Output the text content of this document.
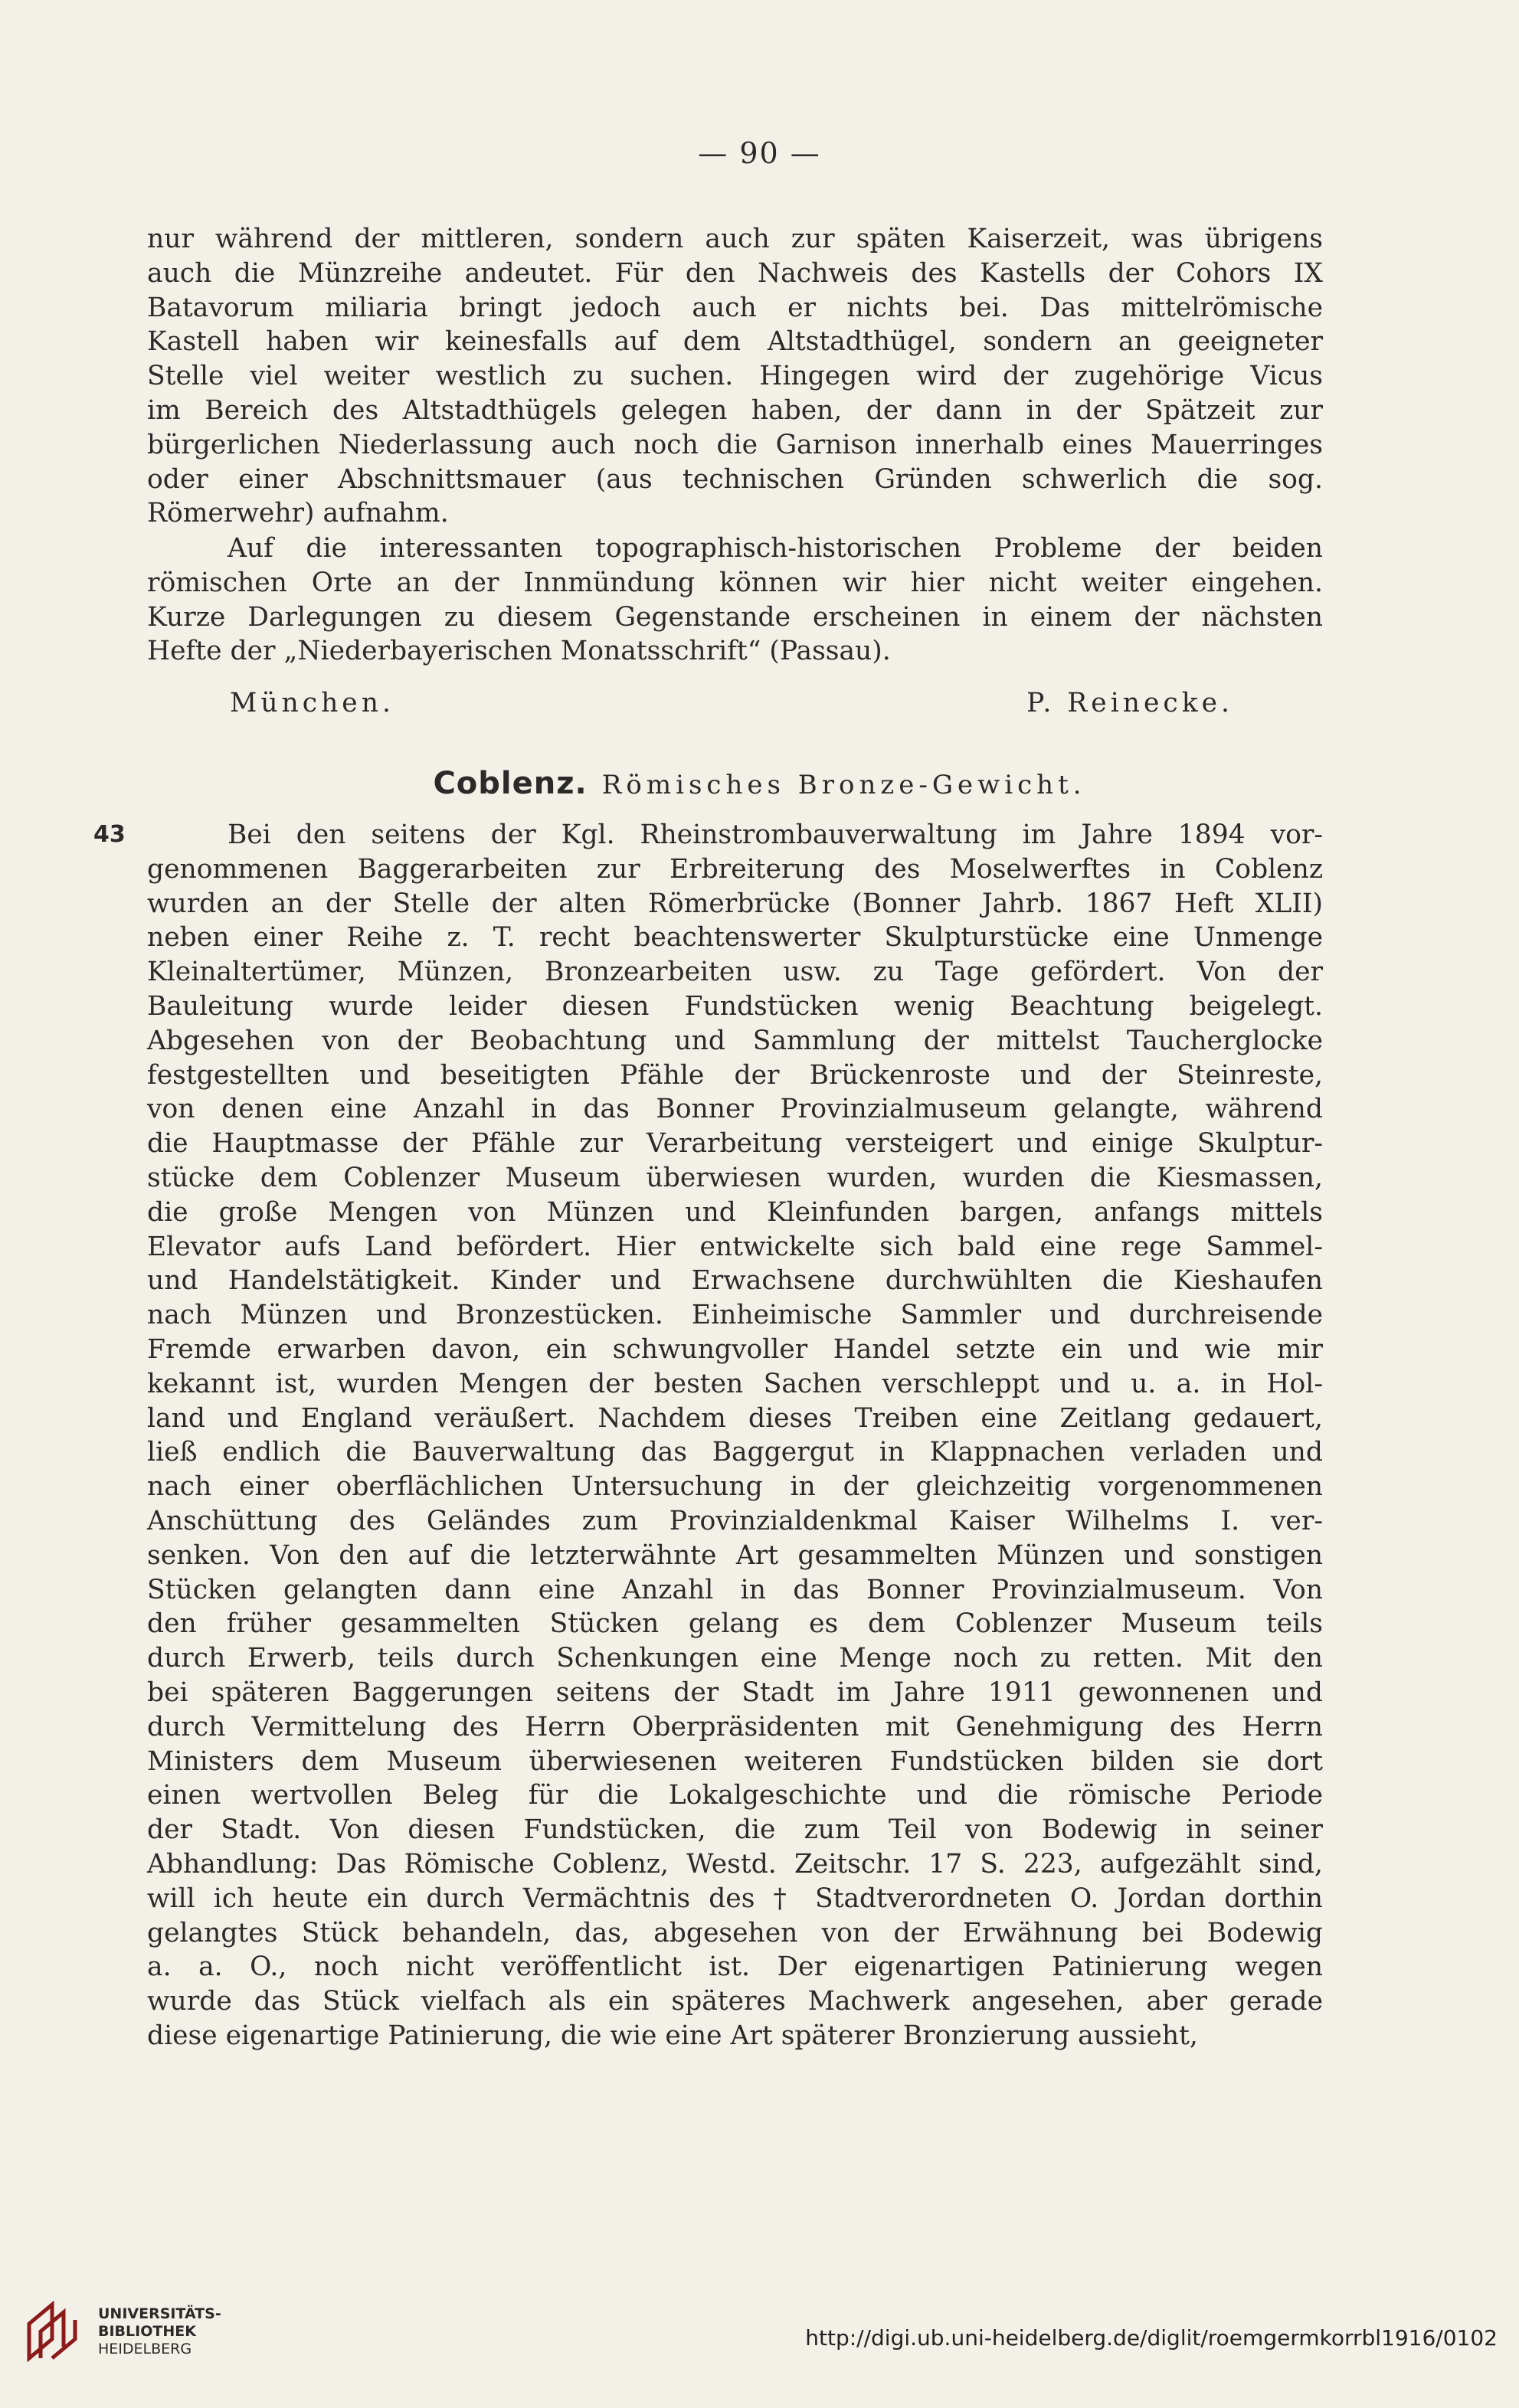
— 90 —
nur während der mittleren, sondern auch zur späten Kaiserzeit, was übrigens
auch die Münzreihe andeutet. Für den Nachweis des Kastells der Cohors IX
Batavorum miliaria bringt jedoch auch er nichts bei. Das mittelrömische
Kastell haben wir keinesfalls auf dem Altstadthügel, sondern an geeigneter
Stelle viel weiter westlich zu suchen. Hingegen wird der zugehörige Vicus
im Bereich des Altstadthügels gelegen haben, der dann in der Spätzeit zur
bürgerlichen Niederlassung auch noch die Garnison innerhalb eines Mauerringes
oder einer Abschnittsmauer (aus technischen Gründen schwerlich die sog.
Römerwehr) aufnahm.
Auf die interessanten topographisch-historischen Probleme der beiden
römischen Orte an der Innmündung können wir hier nicht weiter eingehen.
Kurze Darlegungen zu diesem Gegenstande erscheinen in einem der nächsten
Hefte der „Niederbayerischen Monatsschrift“ (Passau).
München.	P. Reinecke.
Coblenz. Römisches Bronze-Gewicht.
43	Bei den seitens der Kgl. Rheinstrombauverwaltung im Jahre 1894 vor-
genommenen Baggerarbeiten zur Erbreiterung des Moselwerftes in Coblenz
wurden an der Stelle der alten Römerbrücke (Bonner Jahrb. 1867 Heft XLII)
neben einer Reihe z. T. recht beachtenswerter Skulpturstücke eine Unmenge
Kleinaltertümer, Münzen, Bronzearbeiten usw. zu Tage gefördert. Von der
Bauleitung wurde leider diesen Fundstücken wenig Beachtung beigelegt.
Abgesehen von der Beobachtung und Sammlung der mittelst Taucherglocke
festgestellten und beseitigten Pfähle der Brückenroste und der Steinreste,
von denen eine Anzahl in das Bonner Provinzialmuseum gelangte, während
die Hauptmasse der Pfähle zur Verarbeitung versteigert und einige Skulptur-
stücke dem Coblenzer Museum überwiesen wurden, wurden die Kiesmassen,
die große Mengen von Münzen und Kleinfunden bargen, anfangs mittels
Elevator aufs Land befördert. Hier entwickelte sich bald eine rege Sammel-
und Handelstätigkeit. Kinder und Erwachsene durchwühlten die Kieshaufen
nach Münzen und Bronzestücken. Einheimische Sammler und durchreisende
Fremde erwarben davon, ein schwungvoller Handel setzte ein und wie mir
kekannt ist, wurden Mengen der besten Sachen verschleppt und u. a. in Hol-
land und England veräußert. Nachdem dieses Treiben eine Zeitlang gedauert,
ließ endlich die Bauverwaltung das Baggergut in Klappnachen verladen und
nach einer oberflächlichen Untersuchung in der gleichzeitig vorgenommenen
Anschüttung des Geländes zum Provinzialdenkmal Kaiser Wilhelms I. ver-
senken. Von den auf die letzterwähnte Art gesammelten Münzen und sonstigen
Stücken gelangten dann eine Anzahl in das Bonner Provinzialmuseum. Von
den früher gesammelten Stücken gelang es dem Coblenzer Museum teils
durch Erwerb, teils durch Schenkungen eine Menge noch zu retten. Mit den
bei späteren Baggerungen seitens der Stadt im Jahre 1911 gewonnenen und
durch Vermittelung des Herrn Oberpräsidenten mit Genehmigung des Herrn
Ministers dem Museum überwiesenen weiteren Fundstücken bilden sie dort
einen wertvollen Beleg für die Lokalgeschichte und die römische Periode
der Stadt. Von diesen Fundstücken, die zum Teil von Bodewig in seiner
Abhandlung: Das Römische Coblenz, Westd. Zeitschr. 17 S. 223, aufgezählt sind,
will ich heute ein durch Vermächtnis des † Stadtverordneten O. Jordan dorthin
gelangtes Stück behandeln, das, abgesehen von der Erwähnung bei Bodewig
a. a. O., noch nicht veröffentlicht ist. Der eigenartigen Patinierung wegen
wurde das Stück vielfach als ein späteres Machwerk angesehen, aber gerade
diese eigenartige Patinierung, die wie eine Art späterer Bronzierung aussieht,
UNIVERSITÄTS-
BIBLIOTHEK
HEIDELBERG	http://digi.ub.uni-heidelberg.de/diglit/roemgermkorrbl1916/0102
